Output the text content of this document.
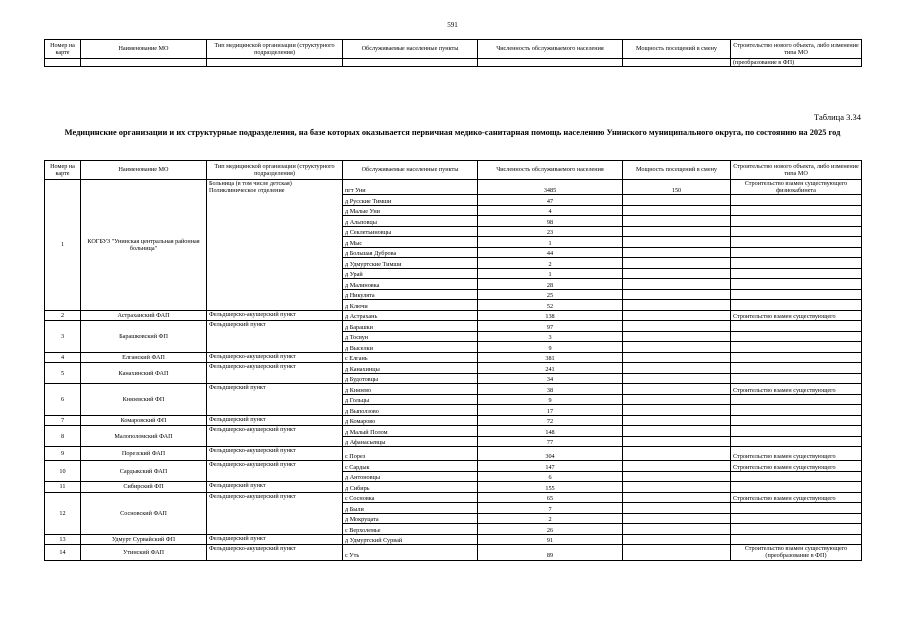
591
Номер на карте	Наименование МО	Тип медицинской организации (структурного подразделения)	Обслуживаемые населенные пункты	Численность обслуживаемого населения	Мощность посещений в смену	Строительство нового объекта, либо изменение типа МО
						(преобразование в ФП)
Таблица 3.34
Медицинские организации и их структурные подразделения, на базе которых оказывается первичная медико-санитарная помощь населению Унинского муниципального округа, по состоянию на 2025 год
Номер на карте	Наименование МО	Тип медицинской организации (структурного подразделения)	Обслуживаемые населенные пункты	Численность обслуживаемого населения	Мощность посещений в смену	Строительство нового объекта, либо изменение типа МО
1	КОГБУЗ "Унинская центральная районная больница"	Больница (в том числе детская) Поликлиническое отделение	пгт Уни	3485	150	Строительство взамен существующего физиокабинета
			д Русские Тимши	47		
			д Малые Уни	4		
			д Альповцы	98		
			д Секлетьиновцы	23		
			д Мыс	1		
			д Большая Дуброва	44		
			д Удмуртские Тимши	2		
			д Урай	1		
			д Малиновка	28		
			д Никулята	25		
			д Ключи	52		
2	Астраханский ФАП	Фельдшерско-акушерский пункт	д Астрахань	138		Строительство взамен существующего
3	Барашковский ФП	Фельдшерский пункт	д Барашки	97		
			д Тосвун	3		
			д Выселки	9		
4	Елганский ФАП	Фельдшерско-акушерский пункт	с Елгань	381		
5	Канахинский ФАП	Фельдшерско-акушерский пункт	д Канахинцы	241		
			д Будотовцы	34		
6	Князевский ФП	Фельдшерский пункт	д Князево	38		Строительство взамен существующего
			д Гольцы	9		
			д Выползово	17		
7	Комаровский ФП	Фельдшерский пункт	д Комарово	72		
8	Малополомский ФАП	Фельдшерско-акушерский пункт	д Малый Полом	148		
			д Афанасьевцы	77		
9	Порезский ФАП	Фельдшерско-акушерский пункт	с Порез	304		Строительство взамен существующего
10	Сардыкский ФАП	Фельдшерско-акушерский пункт	с Сардык	147		Строительство взамен существующего
			д Антоновцы	6		
11	Сибирский ФП	Фельдшерский пункт	д Сибирь	155		
12	Сосновский ФАП	Фельдшерско-акушерский пункт	с Сосновка	65		Строительство взамен существующего
			д Были	7		
			д Мокруцата	2		
			с Верхолемье	26		
13	Удмурт Сурвайский ФП	Фельдшерский пункт	д Удмуртский Сурвай	91		
14	Утинский ФАП	Фельдшерско-акушерский пункт	с Уть	89		Строительство взамен существующего (преобразование в ФП)
